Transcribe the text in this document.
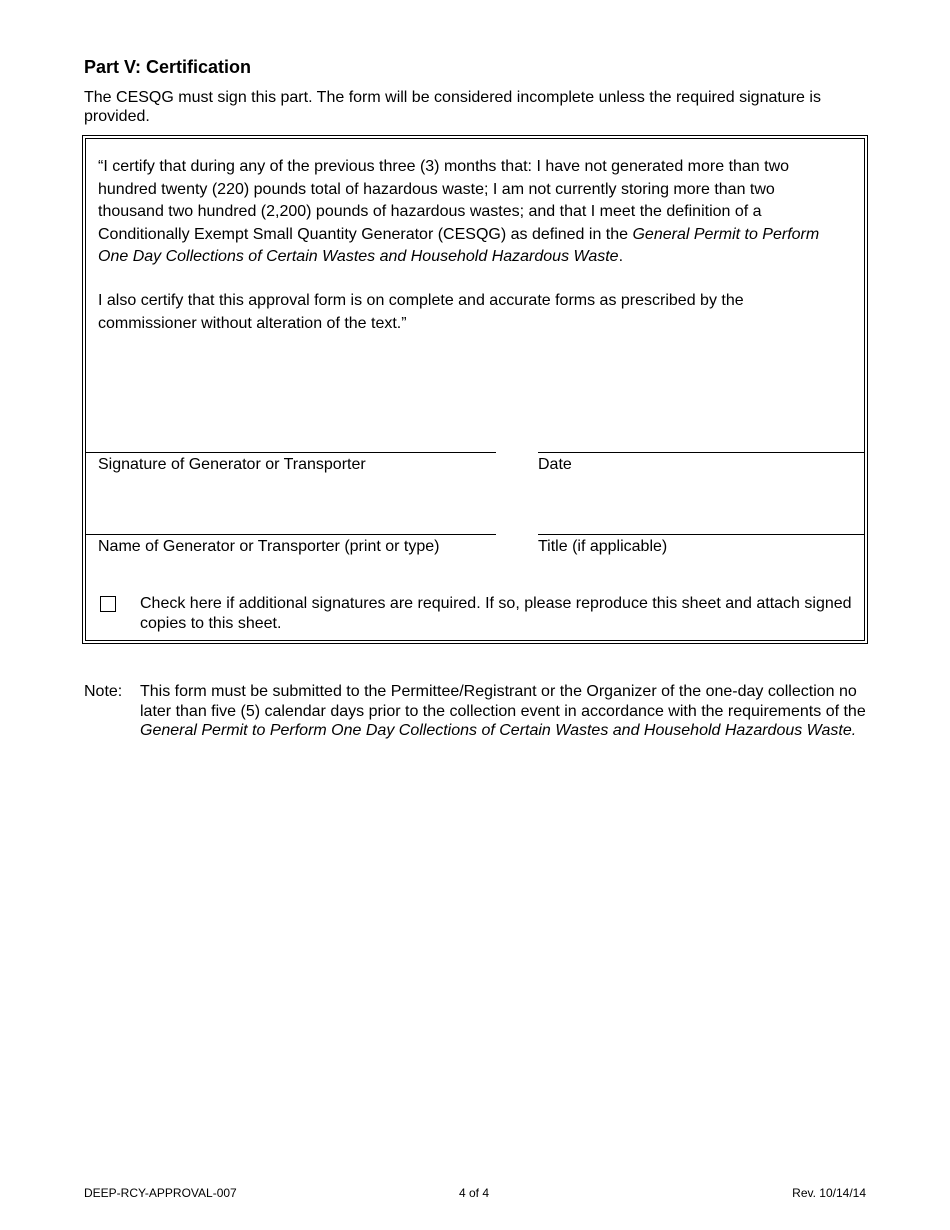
Part V: Certification
The CESQG must sign this part. The form will be considered incomplete unless the required signature is provided.
“I certify that during any of the previous three (3) months that: I have not generated more than two hundred twenty (220) pounds total of hazardous waste; I am not currently storing more than two thousand two hundred (2,200) pounds of hazardous wastes; and that I meet the definition of a Conditionally Exempt Small Quantity Generator (CESQG) as defined in the General Permit to Perform One Day Collections of Certain Wastes and Household Hazardous Waste.
I also certify that this approval form is on complete and accurate forms as prescribed by the commissioner without alteration of the text.”
Signature of Generator or Transporter	Date
Name of Generator or Transporter (print or type)	Title (if applicable)
Check here if additional signatures are required. If so, please reproduce this sheet and attach signed copies to this sheet.
Note: This form must be submitted to the Permittee/Registrant or the Organizer of the one-day collection no later than five (5) calendar days prior to the collection event in accordance with the requirements of the General Permit to Perform One Day Collections of Certain Wastes and Household Hazardous Waste.
DEEP-RCY-APPROVAL-007	4 of 4	Rev. 10/14/14
